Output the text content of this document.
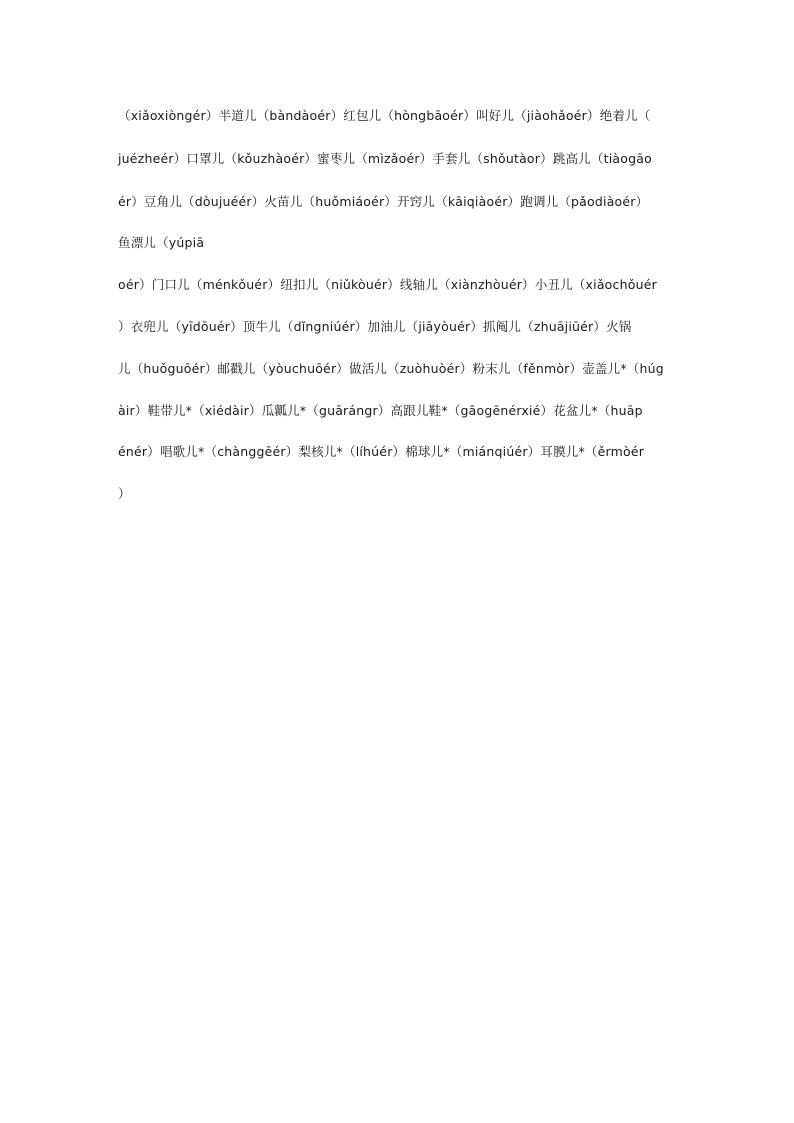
（xiǎoxiòngér）半道儿（bàndàoér）红包儿（hòngbāoér）叫好儿（jiàohǎoér）绝着儿（
juézheér）口罩儿（kǒuzhàoér）蜜枣儿（mìzǎoér）手套儿（shǒutàor）跳高儿（tiàogāo
ér）豆角儿（dòujuéér）火苗儿（huǒmiáoér）开窍儿（kāiqiàoér）跑调儿（pǎodiàoér）
鱼漂儿（yúpiā
oér）门口儿（ménkǒuér）纽扣儿（niǔkòuér）线轴儿（xiànzhòuér）小丑儿（xiǎochǒuér
）衣兜儿（yīdōuér）顶牛儿（dǐngniúér）加油儿（jiāyòuér）抓阄儿（zhuājiūér）火锅
儿（huǒguōér）邮戳儿（yòuchuōér）做活儿（zuòhuòér）粉末儿（fěnmòr）壶盖儿*（húg
àir）鞋带儿*（xiédàir）瓜瓤儿*（guārángr）高跟儿鞋*（gāogēnérxié）花盆儿*（huāp
énér）唱歌儿*（chànggēér）梨核儿*（líhúér）棉球儿*（miánqiúér）耳膜儿*（ěrmòér
）
